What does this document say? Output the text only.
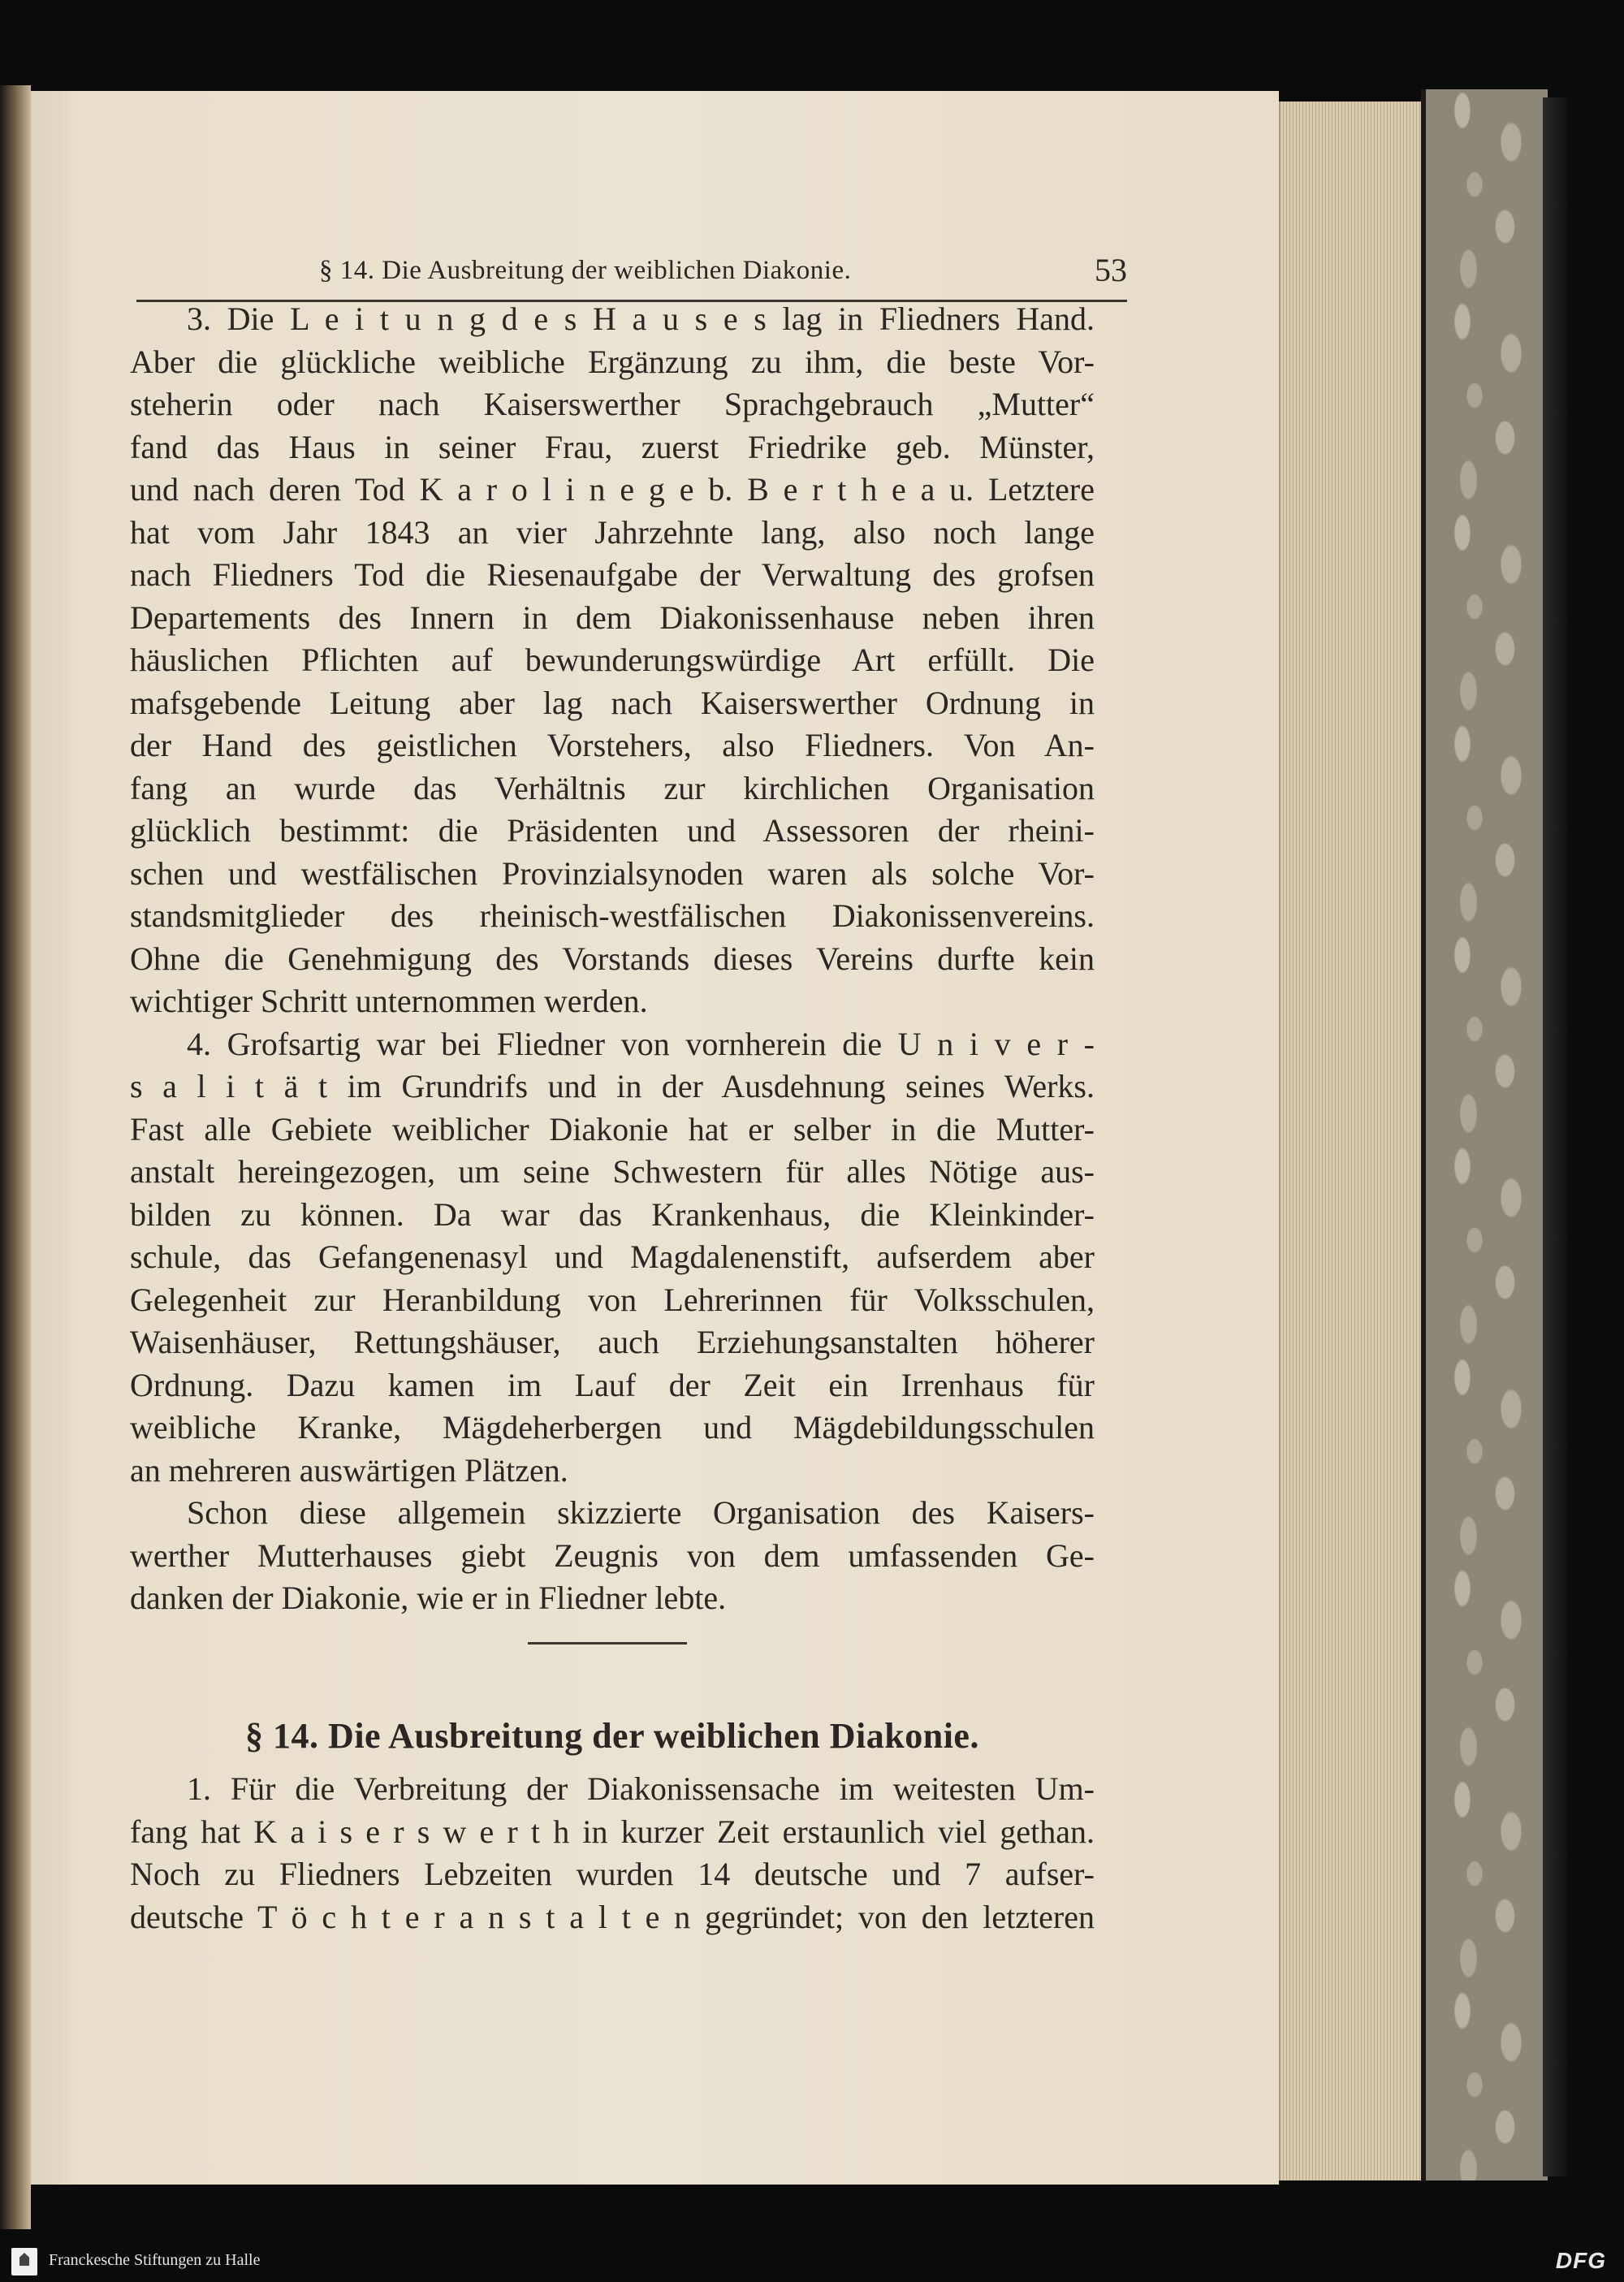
§ 14. Die Ausbreitung der weiblichen Diakonie.	53
3. Die L e i t u n g d e s H a u s e s lag in Fliedners Hand.
Aber die glückliche weibliche Ergänzung zu ihm, die beste Vor-
steherin oder nach Kaiserswerther Sprachgebrauch „Mutter“
fand das Haus in seiner Frau, zuerst Friedrike geb. Münster,
und nach deren Tod K a r o l i n e g e b. B e r t h e a u. Letztere
hat vom Jahr 1843 an vier Jahrzehnte lang, also noch lange
nach Fliedners Tod die Riesenaufgabe der Verwaltung des grofsen
Departements des Innern in dem Diakonissenhause neben ihren
häuslichen Pflichten auf bewunderungswürdige Art erfüllt. Die
mafsgebende Leitung aber lag nach Kaiserswerther Ordnung in
der Hand des geistlichen Vorstehers, also Fliedners. Von An-
fang an wurde das Verhältnis zur kirchlichen Organisation
glücklich bestimmt: die Präsidenten und Assessoren der rheini-
schen und westfälischen Provinzialsynoden waren als solche Vor-
standsmitglieder des rheinisch-westfälischen Diakonissenvereins.
Ohne die Genehmigung des Vorstands dieses Vereins durfte kein
wichtiger Schritt unternommen werden.
4. Grofsartig war bei Fliedner von vornherein die U n i v e r -
s a l i t ä t im Grundrifs und in der Ausdehnung seines Werks.
Fast alle Gebiete weiblicher Diakonie hat er selber in die Mutter-
anstalt hereingezogen, um seine Schwestern für alles Nötige aus-
bilden zu können. Da war das Krankenhaus, die Kleinkinder-
schule, das Gefangenenasyl und Magdalenenstift, aufserdem aber
Gelegenheit zur Heranbildung von Lehrerinnen für Volksschulen,
Waisenhäuser, Rettungshäuser, auch Erziehungsanstalten höherer
Ordnung. Dazu kamen im Lauf der Zeit ein Irrenhaus für
weibliche Kranke, Mägdeherbergen und Mägdebildungsschulen
an mehreren auswärtigen Plätzen.
Schon diese allgemein skizzierte Organisation des Kaisers-
werther Mutterhauses giebt Zeugnis von dem umfassenden Ge-
danken der Diakonie, wie er in Fliedner lebte.
§ 14. Die Ausbreitung der weiblichen Diakonie.
1. Für die Verbreitung der Diakonissensache im weitesten Um-
fang hat K a i s e r s w e r t h in kurzer Zeit erstaunlich viel gethan.
Noch zu Fliedners Lebzeiten wurden 14 deutsche und 7 aufser-
deutsche T ö c h t e r a n s t a l t e n gegründet; von den letzteren
Franckesche Stiftungen zu Halle	DFG
